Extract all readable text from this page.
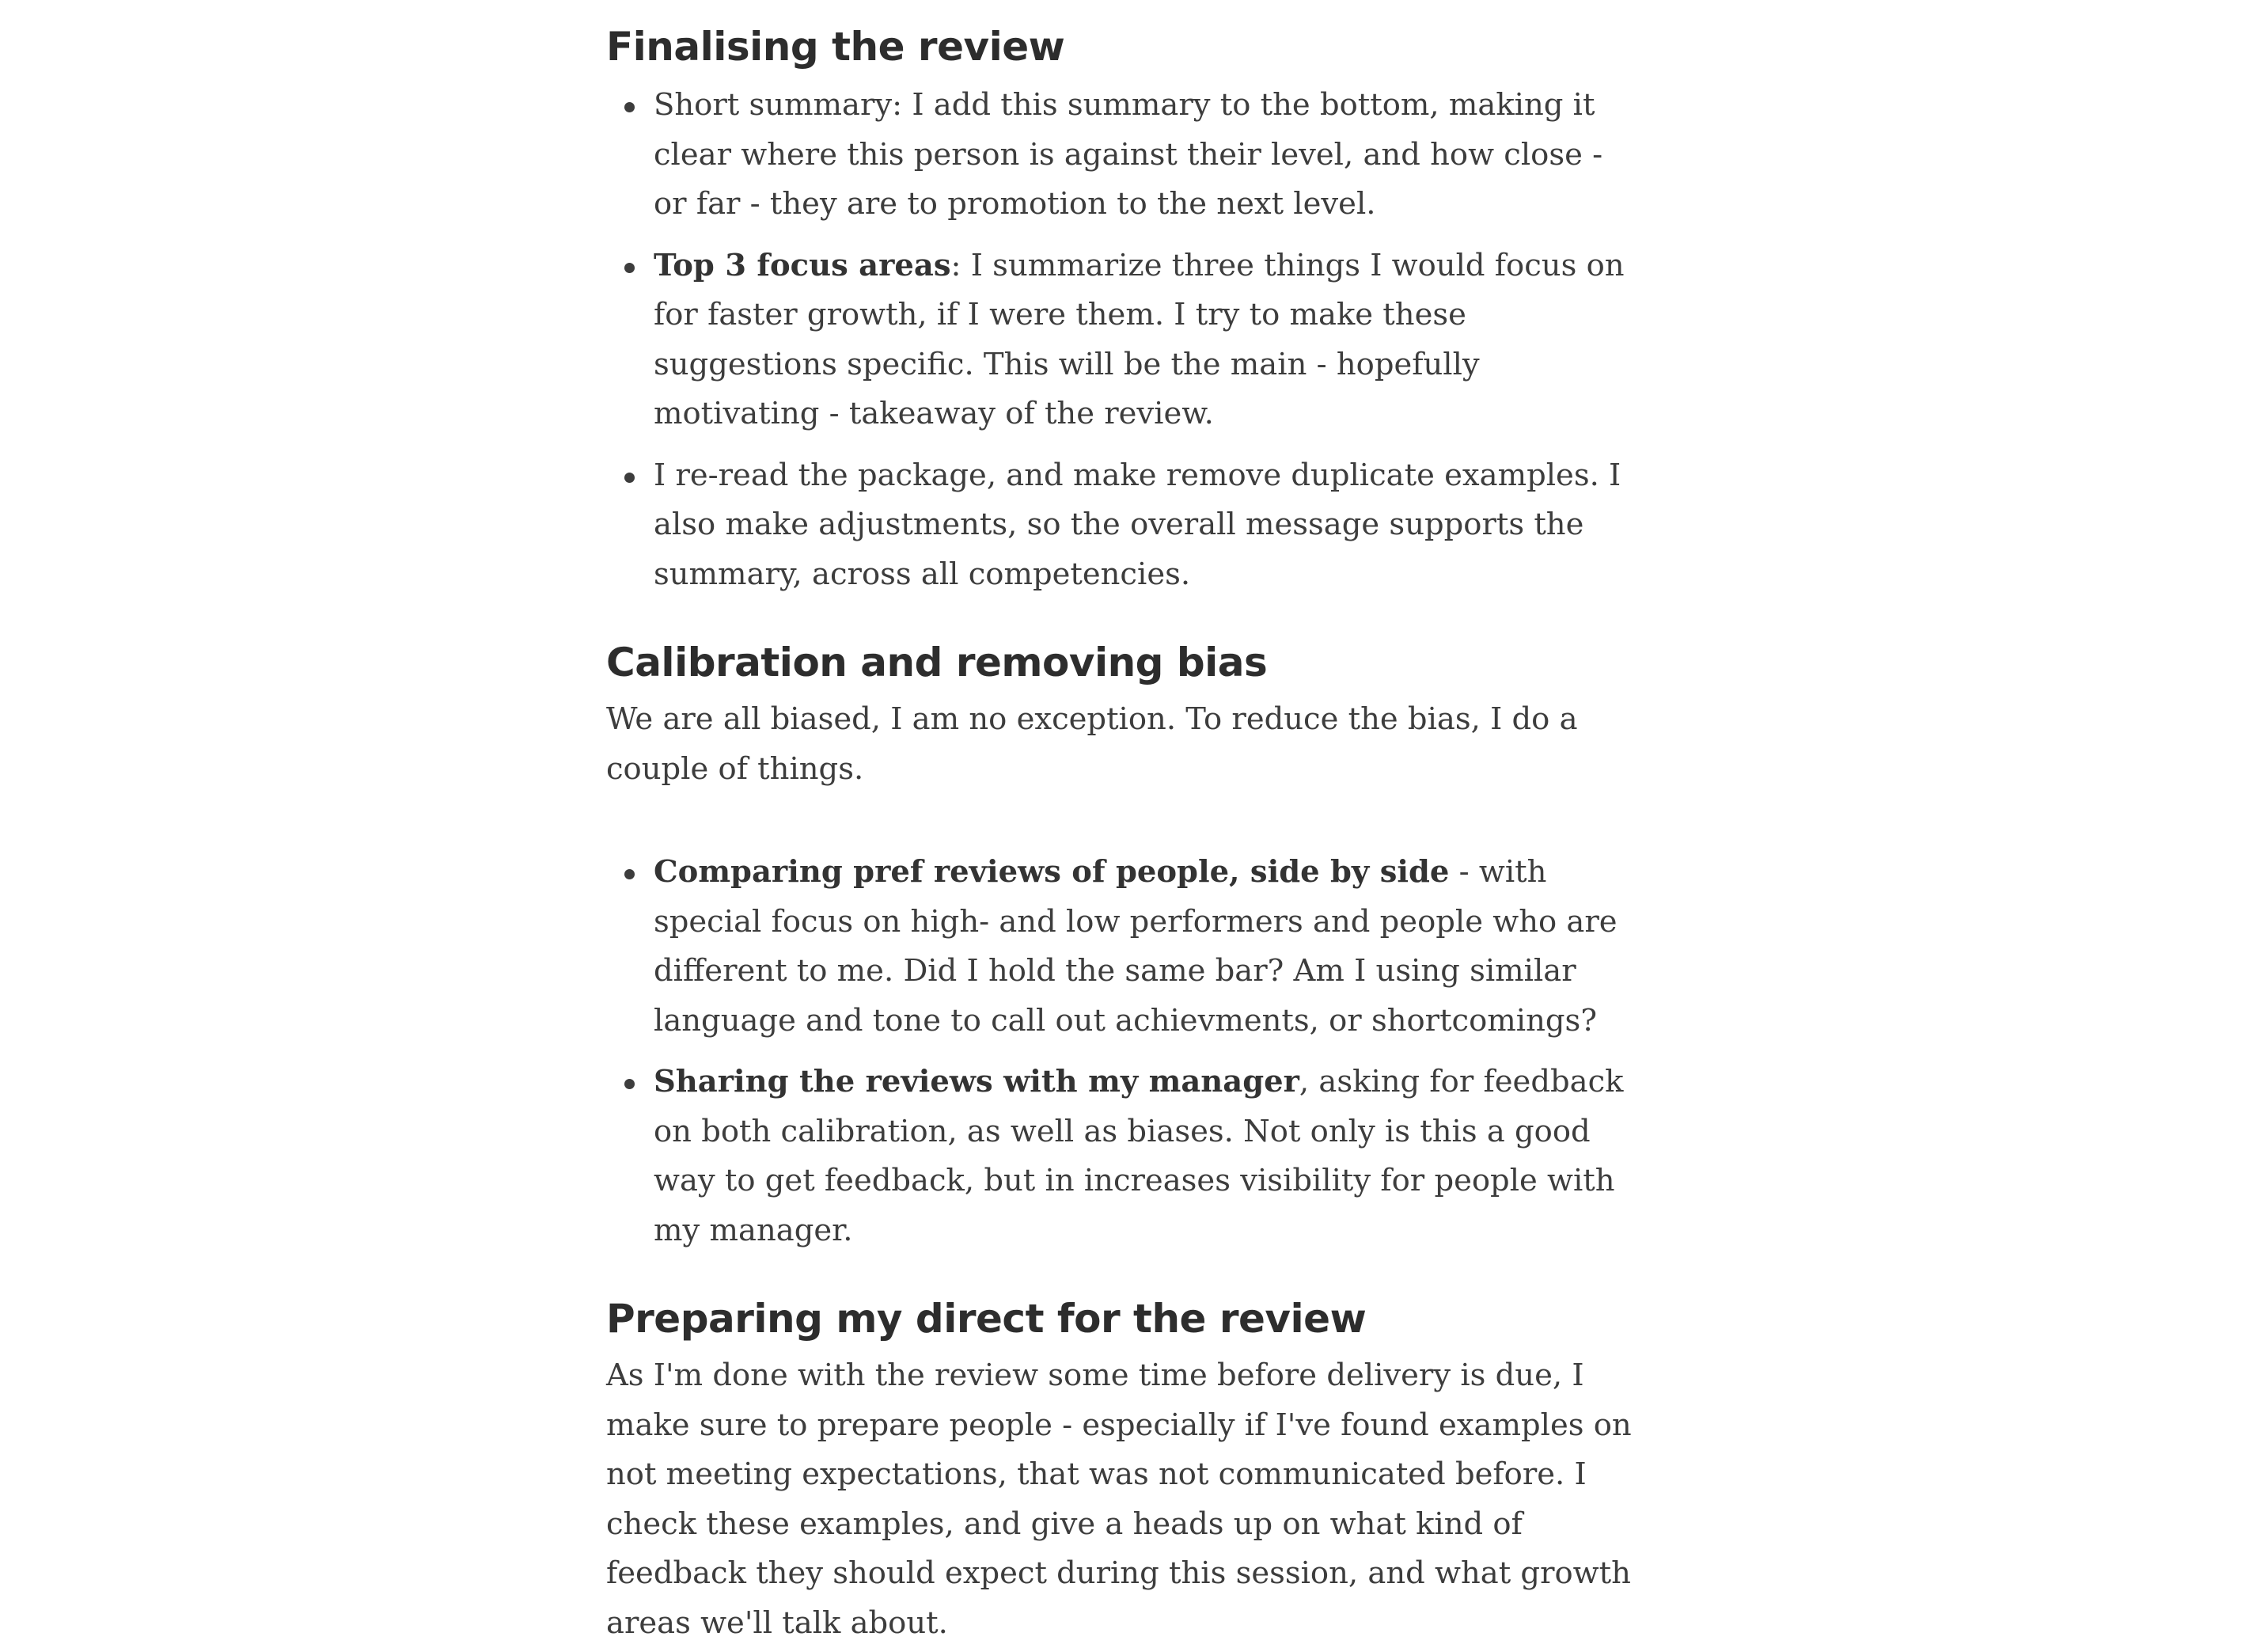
Finalising the review
Short summary: I add this summary to the bottom, making it clear where this person is against their level, and how close - or far - they are to promotion to the next level.
Top 3 focus areas: I summarize three things I would focus on for faster growth, if I were them. I try to make these suggestions specific. This will be the main - hopefully motivating - takeaway of the review.
I re-read the package, and make remove duplicate examples. I also make adjustments, so the overall message supports the summary, across all competencies.
Calibration and removing bias

We are all biased, I am no exception. To reduce the bias, I do a couple of things.

Comparing pref reviews of people, side by side - with special focus on high- and low performers and people who are different to me. Did I hold the same bar? Am I using similar language and tone to call out achievments, or shortcomings?
Sharing the reviews with my manager, asking for feedback on both calibration, as well as biases. Not only is this a good way to get feedback, but in increases visibility for people with my manager.
Preparing my direct for the review

As I'm done with the review some time before delivery is due, I make sure to prepare people - especially if I've found examples on not meeting expectations, that was not communicated before. I check these examples, and give a heads up on what kind of feedback they should expect during this session, and what growth areas we'll talk about.
